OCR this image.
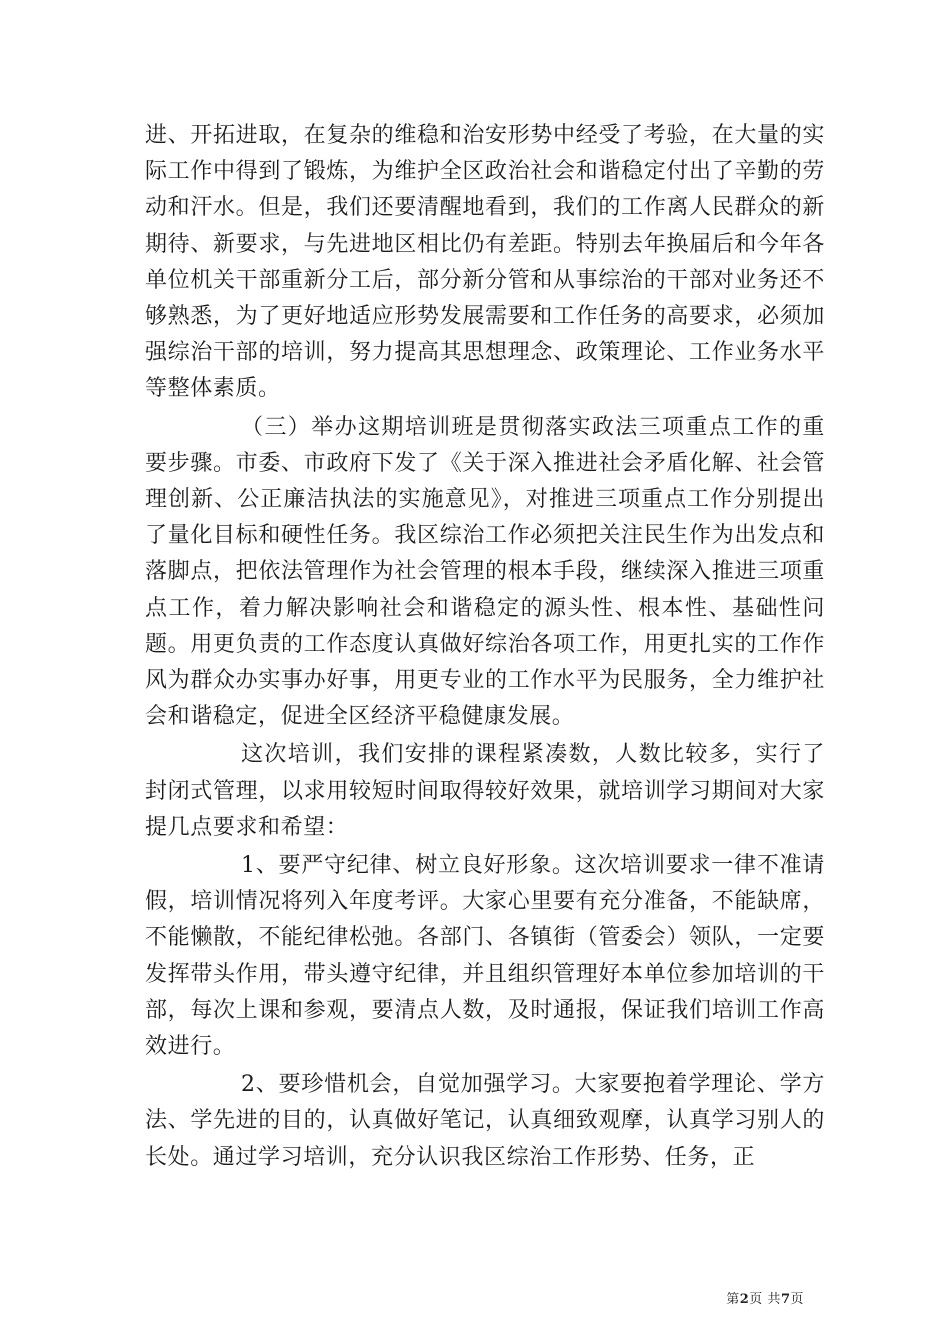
进、开拓进取，在复杂的维稳和治安形势中经受了考验，在大量的实际工作中得到了锻炼，为维护全区政治社会和谐稳定付出了辛勤的劳动和汗水。但是，我们还要清醒地看到，我们的工作离人民群众的新期待、新要求，与先进地区相比仍有差距。特别去年换届后和今年各单位机关干部重新分工后，部分新分管和从事综治的干部对业务还不够熟悉，为了更好地适应形势发展需要和工作任务的高要求，必须加强综治干部的培训，努力提高其思想理念、政策理论、工作业务水平等整体素质。

（三）举办这期培训班是贯彻落实政法三项重点工作的重要步骤。市委、市政府下发了《关于深入推进社会矛盾化解、社会管理创新、公正廉洁执法的实施意见》，对推进三项重点工作分别提出了量化目标和硬性任务。我区综治工作必须把关注民生作为出发点和落脚点，把依法管理作为社会管理的根本手段，继续深入推进三项重点工作，着力解决影响社会和谐稳定的源头性、根本性、基础性问题。用更负责的工作态度认真做好综治各项工作，用更扎实的工作作风为群众办实事办好事，用更专业的工作水平为民服务，全力维护社会和谐稳定，促进全区经济平稳健康发展。

这次培训，我们安排的课程紧凑数，人数比较多，实行了封闭式管理，以求用较短时间取得较好效果，就培训学习期间对大家提几点要求和希望：

1、要严守纪律、树立良好形象。这次培训要求一律不准请假，培训情况将列入年度考评。大家心里要有充分准备，不能缺席，不能懒散，不能纪律松弛。各部门、各镇街（管委会）领队，一定要发挥带头作用，带头遵守纪律，并且组织管理好本单位参加培训的干部，每次上课和参观，要清点人数，及时通报，保证我们培训工作高效进行。

2、要珍惜机会，自觉加强学习。大家要抱着学理论、学方法、学先进的目的，认真做好笔记，认真细致观摩，认真学习别人的长处。通过学习培训，充分认识我区综治工作形势、任务，正

第2页 共7页
